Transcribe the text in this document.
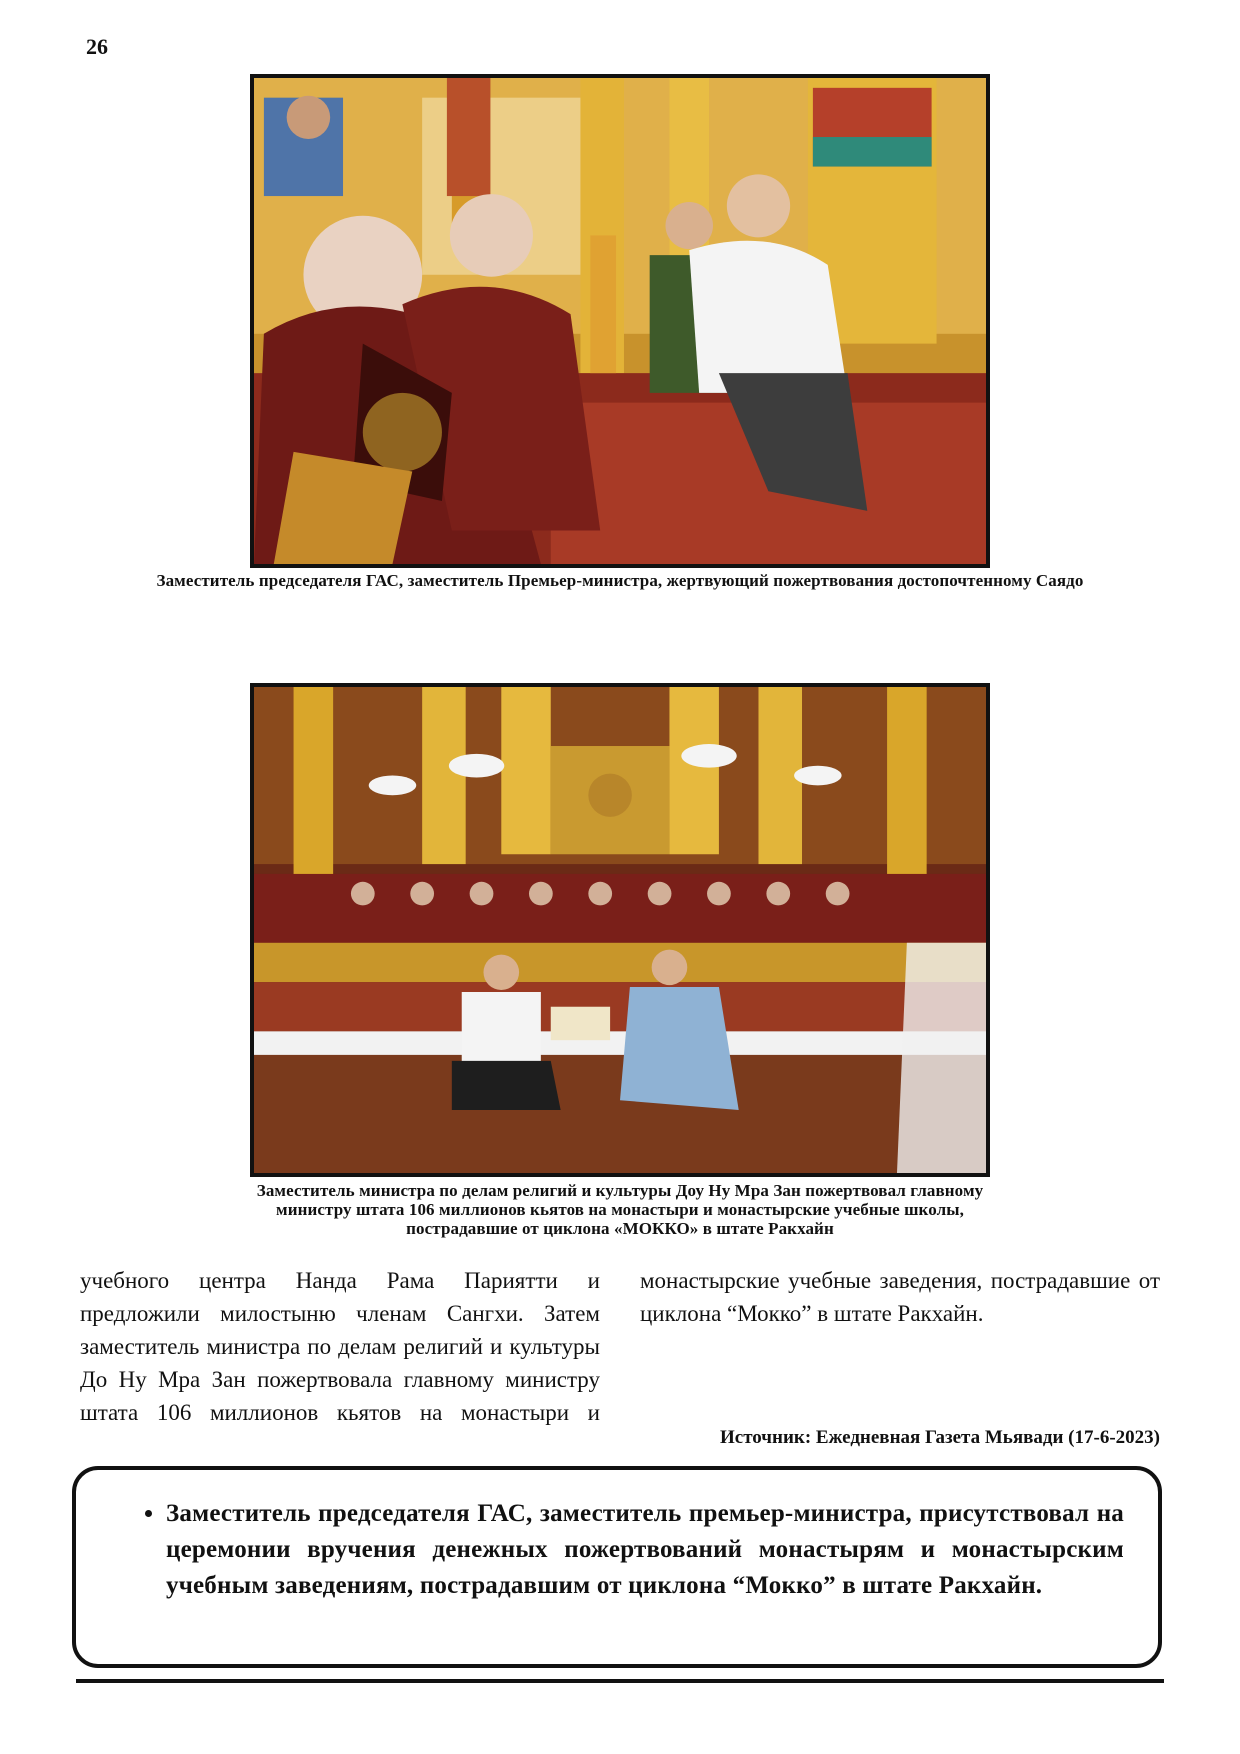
26
Заместитель председателя ГАС, заместитель Премьер-министра, жертвующий пожертвования достопочтенному Саядо
Заместитель министра по делам религий и культуры Доу Ну Мра Зан пожертвовал главному
министру штата 106 миллионов кьятов на монастыри и монастырские учебные школы,
пострадавшие от циклона «МОККО» в штате Ракхайн
учебного центра Нанда Рама Париятти и предложили милостыню членам Сангхи. Затем заместитель министра по делам религий и культуры До Ну Мра Зан пожертвовала главному министру штата 106 миллионов кьятов на монастыри и
монастырские учебные заведения, пострадавшие от циклона “Мокко” в штате Ракхайн.
Источник: Ежедневная Газета Мьявади (17-6-2023)
• Заместитель председателя ГАС, заместитель премьер-министра, присутствовал на церемонии вручения денежных пожертвований монастырям и монастырским учебным заведениям, пострадавшим от циклона “Мокко” в штате Ракхайн.
